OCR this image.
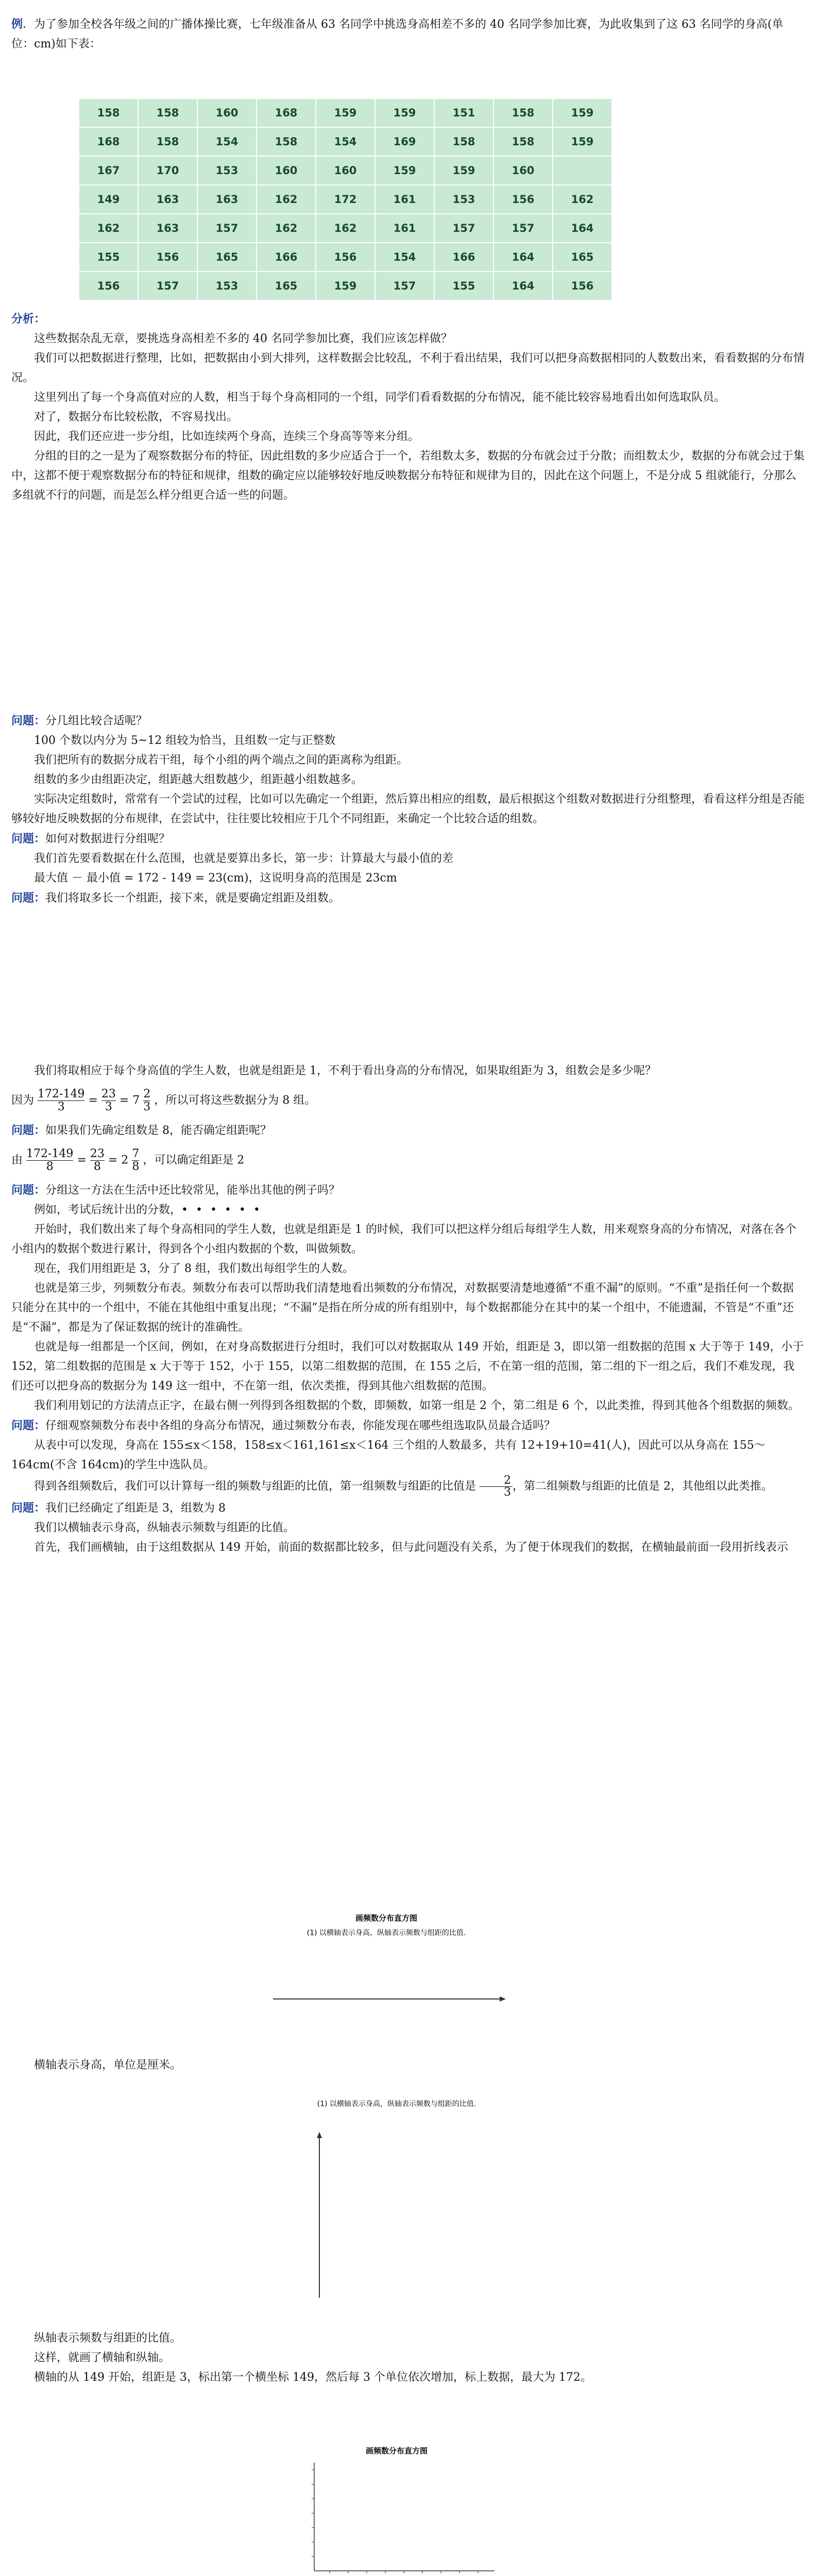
例．为了参加全校各年级之间的广播体操比赛，七年级准备从 63 名同学中挑选身高相差不多的 40 名同学参加比赛，为此收集到了这 63 名同学的身高(单位：cm)如下表：

158	158	160	168	159	159	151	158	159
168	158	154	158	154	169	158	158	159
167	170	153	160	160	159	159	160	
149	163	163	162	172	161	153	156	162
162	163	157	162	162	161	157	157	164
155	156	165	166	156	154	166	164	165
156	157	153	165	159	157	155	164	156

分析：

这些数据杂乱无章，要挑选身高相差不多的 40 名同学参加比赛，我们应该怎样做？

我们可以把数据进行整理，比如，把数据由小到大排列，这样数据会比较乱，不利于看出结果，我们可以把身高数据相同的人数数出来，看看数据的分布情况。

这里列出了每一个身高值对应的人数，相当于每个身高相同的一个组，同学们看看数据的分布情况，能不能比较容易地看出如何选取队员。

对了，数据分布比较松散，不容易找出。

因此，我们还应进一步分组，比如连续两个身高，连续三个身高等等来分组。

分组的目的之一是为了观察数据分布的特征，因此组数的多少应适合于一个，若组数太多，数据的分布就会过于分散；而组数太少，数据的分布就会过于集中，这都不便于观察数据分布的特征和规律，组数的确定应以能够较好地反映数据分布特征和规律为目的，因此在这个问题上，不是分成 5 组就能行，分那么多组就不行的问题，而是怎么样分组更合适一些的问题。

问题：分几组比较合适呢？

100 个数以内分为 5~12 组较为恰当，且组数一定与正整数

我们把所有的数据分成若干组，每个小组的两个端点之间的距离称为组距。

组数的多少由组距决定，组距越大组数越少，组距越小组数越多。

实际决定组数时，常常有一个尝试的过程，比如可以先确定一个组距，然后算出相应的组数，最后根据这个组数对数据进行分组整理，看看这样分组是否能够较好地反映数据的分布规律，在尝试中，往往要比较相应于几个不同组距，来确定一个比较合适的组数。

问题：如何对数据进行分组呢？

我们首先要看数据在什么范围，也就是要算出多长，第一步：计算最大与最小值的差

最大值 － 最小值 = 172 - 149 = 23(cm)，这说明身高的范围是 23cm

问题：我们将取多长一个组距，接下来，就是要确定组距及组数。

我们将取相应于每个身高值的学生人数，也就是组距是 1，不利于看出身高的分布情况，如果取组距为 3，组数会是多少呢？

因为 $\frac{172-149}{3} = \frac{23}{3} = 7 \frac{2}{3}$ ，所以可将这些数据分为 8 组。

问题：如果我们先确定组数是 8，能否确定组距呢？

由 $\frac{172-149}{8} = \frac{23}{8} = 2 \frac{7}{8}$ ，可以确定组距是 2

问题：分组这一方法在生活中还比较常见，能举出其他的例子吗？

例如，考试后统计出的分数，• • • • • •

开始时，我们数出来了每个身高相同的学生人数，也就是组距是 1 的时候，我们可以把这样分组后每组学生人数，用来观察身高的分布情况，对落在各个小组内的数据个数进行累计，得到各个小组内数据的个数，叫做频数。

现在，我们用组距是 3，分了 8 组，我们数出每组学生的人数。

也就是第三步，列频数分布表。频数分布表可以帮助我们清楚地看出频数的分布情况，对数据要清楚地遵循“不重不漏”的原则。“不重”是指任何一个数据只能分在其中的一个组中，不能在其他组中重复出现；“不漏”是指在所分成的所有组别中，每个数据都能分在其中的某一个组中，不能遗漏，不管是“不重”还是“不漏”，都是为了保证数据的统计的准确性。

也就是每一组都是一个区间，例如，在对身高数据进行分组时，我们可以对数据取从 149 开始，组距是 3，即以第一组数据的范围 x 大于等于 149，小于 152，第二组数据的范围是 x 大于等于 152，小于 155，以第二组数据的范围，在 155 之后，不在第一组的范围，第二组的下一组之后，我们不难发现，我们还可以把身高的数据分为 149 这一组中，不在第一组，依次类推，得到其他六组数据的范围。

我们利用划记的方法清点正字，在最右侧一列得到各组数据的个数，即频数，如第一组是 2 个，第二组是 6 个，以此类推，得到其他各个组数据的频数。

问题：仔细观察频数分布表中各组的身高分布情况，通过频数分布表，你能发现在哪些组选取队员最合适吗？

从表中可以发现，身高在 155≤x＜158，158≤x＜161,161≤x＜164 三个组的人数最多，共有 12+19+10=41(人)，因此可以从身高在 155～164cm(不含 164cm)的学生中选队员。

得到各组频数后，我们可以计算每一组的频数与组距的比值，第一组频数与组距的比值是 $\frac{2}{3}$ ，第二组频数与组距的比值是 2，其他组以此类推。

问题：我们已经确定了组距是 3，组数为 8

我们以横轴表示身高，纵轴表示频数与组距的比值。

首先，我们画横轴，由于这组数据从 149 开始，前面的数据都比较多，但与此问题没有关系，为了便于体现我们的数据，在横轴最前面一段用折线表示

画频数分布直方图
(1) 以横轴表示身高，纵轴表示频数与组距的比值.

横轴表示身高，单位是厘米。

(1) 以横轴表示身高，纵轴表示频数与组距的比值.

纵轴表示频数与组距的比值。

这样，就画了横轴和纵轴。

横轴的从 149 开始，组距是 3，标出第一个横坐标 149，然后每 3 个单位依次增加，标上数据，最大为 172。

画频数分布直方图
